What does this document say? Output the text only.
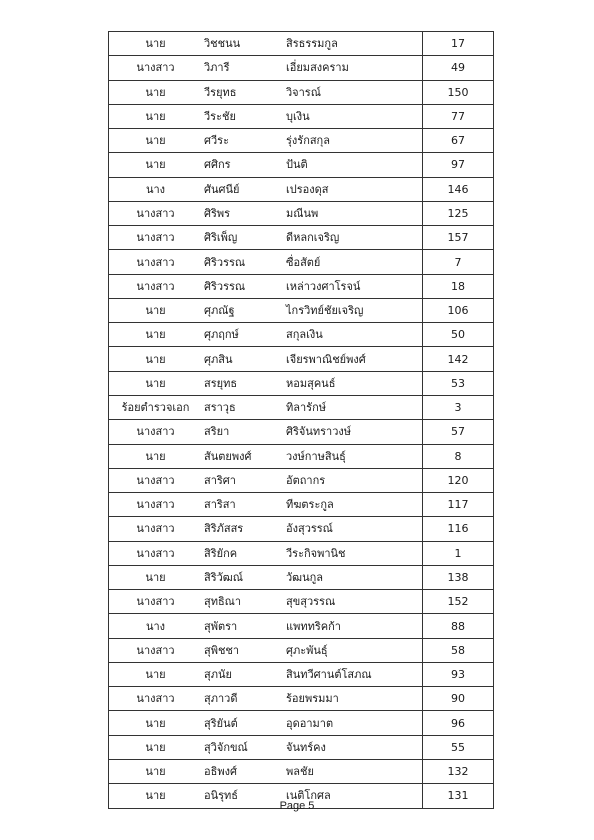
นาย	วิชชนน	สิรธรรมกูล	17
นางสาว	วิภารี	เอี่ยมสงคราม	49
นาย	วีรยุทธ	วิจารณ์	150
นาย	วีระชัย	บุเงิน	77
นาย	ศวีระ	รุ่งรักสกุล	67
นาย	ศศิกร	ปันติ	97
นาง	ศันศนีย์	เปรองดุส	146
นางสาว	ศิริพร	มณีนพ	125
นางสาว	ศิริเพ็ญ	ดีหลกเจริญ	157
นางสาว	ศิริวรรณ	ซื่อสัตย์	7
นางสาว	ศิริวรรณ	เหล่าวงศาโรจน์	18
นาย	ศุภณัฐ	ไกรวิทย์ชัยเจริญ	106
นาย	ศุภฤกษ์	สกุลเงิน	50
นาย	ศุภสิน	เจียรพาณิชย์พงศ์	142
นาย	สรยุทธ	หอมสุคนธ์	53
ร้อยตำรวจเอก	สราวุธ	ทิลารักษ์	3
นางสาว	สริยา	ศิริจันทราวงษ์	57
นาย	สันตยพงศ์	วงษ์กาษสินธุ์	8
นางสาว	สาริศา	อัตถากร	120
นางสาว	สาริสา	ทีฆตระกูล	117
นางสาว	สิริภัสสร	อังสุวรรณ์	116
นางสาว	สิริยักค	วีระกิจพานิช	1
นาย	สิริวัฒณ์	วัฒนกูล	138
นางสาว	สุทธิณา	สุขสุวรรณ	152
นาง	สุพัตรา	แพททริคก้า	88
นางสาว	สุพิชชา	ศุภะพันธุ์	58
นาย	สุภนัย	สินทวีศานต์โสภณ	93
นางสาว	สุภาวดี	ร้อยพรมมา	90
นาย	สุริยันต์	อุดอามาต	96
นาย	สุวิจักขณ์	จันทร์คง	55
นาย	อธิพงศ์	พลชัย	132
นาย	อนิรุทธ์	เนติโกศล	131
Page 5
